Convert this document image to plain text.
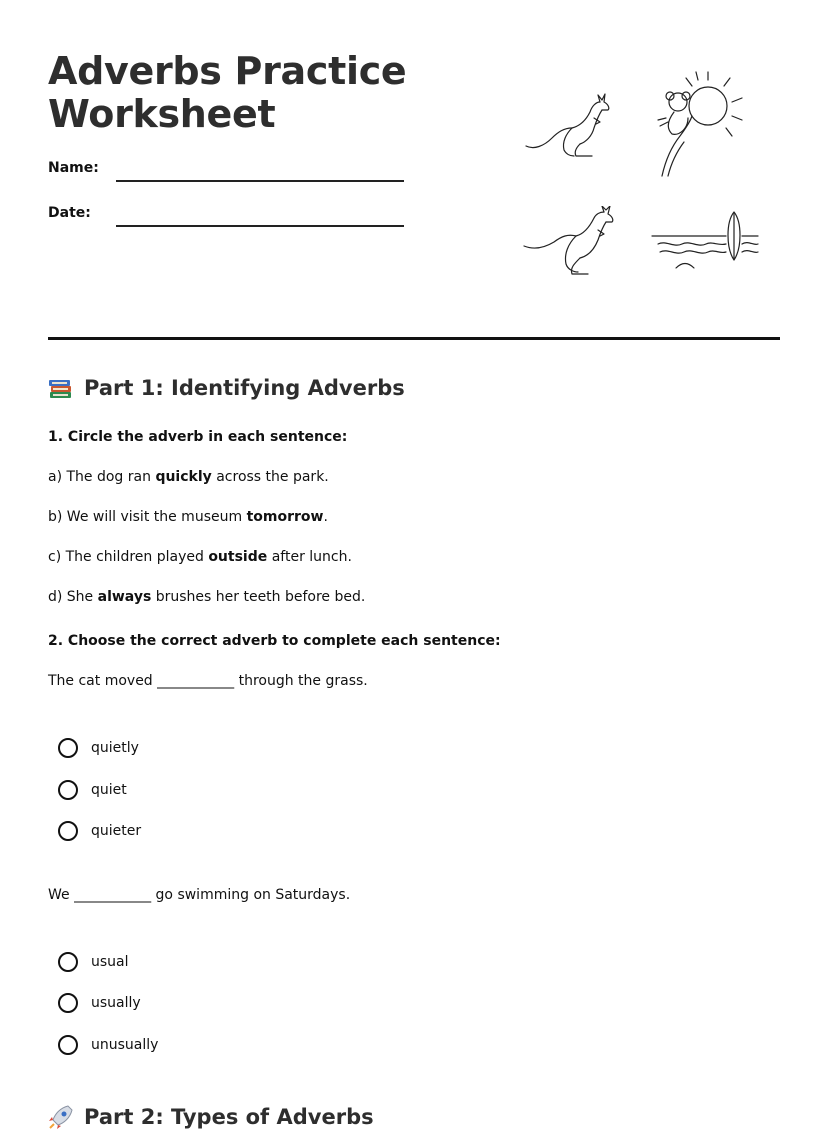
Adverbs Practice
Worksheet
Name:
Date:
Part 1: Identifying Adverbs

1. Circle the adverb in each sentence:

a) The dog ran quickly across the park.

b) We will visit the museum tomorrow.

c) The children played outside after lunch.

d) She always brushes her teeth before bed.

2. Choose the correct adverb to complete each sentence:

The cat moved ___________ through the grass.

quietly
quiet
quieter

We ___________ go swimming on Saturdays.

usual
usually
unusually
Part 2: Types of Adverbs
